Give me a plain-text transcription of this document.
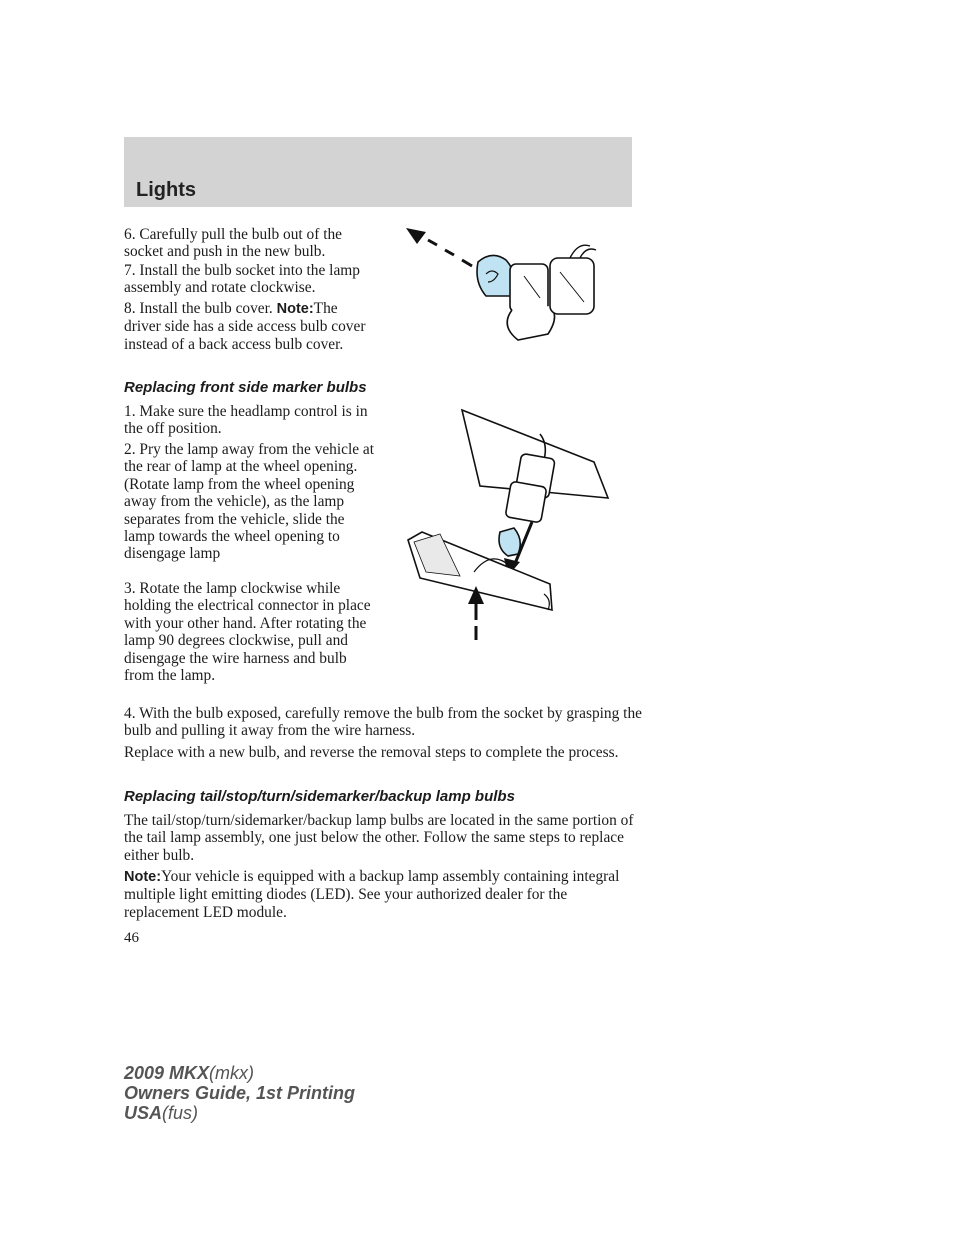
Lights

6. Carefully pull the bulb out of the socket and push in the new bulb.

7. Install the bulb socket into the lamp assembly and rotate clockwise.

8. Install the bulb cover. Note:The driver side has a side access bulb cover instead of a back access bulb cover.

Replacing front side marker bulbs

1. Make sure the headlamp control is in the off position.

2. Pry the lamp away from the vehicle at the rear of lamp at the wheel opening. (Rotate lamp from the wheel opening away from the vehicle), as the lamp separates from the vehicle, slide the lamp towards the wheel opening to disengage lamp

3. Rotate the lamp clockwise while holding the electrical connector in place with your other hand. After rotating the lamp 90 degrees clockwise, pull and disengage the wire harness and bulb from the lamp.

4. With the bulb exposed, carefully remove the bulb from the socket by grasping the bulb and pulling it away from the wire harness.

Replace with a new bulb, and reverse the removal steps to complete the process.

Replacing tail/stop/turn/sidemarker/backup lamp bulbs

The tail/stop/turn/sidemarker/backup lamp bulbs are located in the same portion of the tail lamp assembly, one just below the other. Follow the same steps to replace either bulb.

Note:Your vehicle is equipped with a backup lamp assembly containing integral multiple light emitting diodes (LED). See your authorized dealer for the replacement LED module.

46
2009 MKX(mkx)
Owners Guide, 1st Printing
USA(fus)
